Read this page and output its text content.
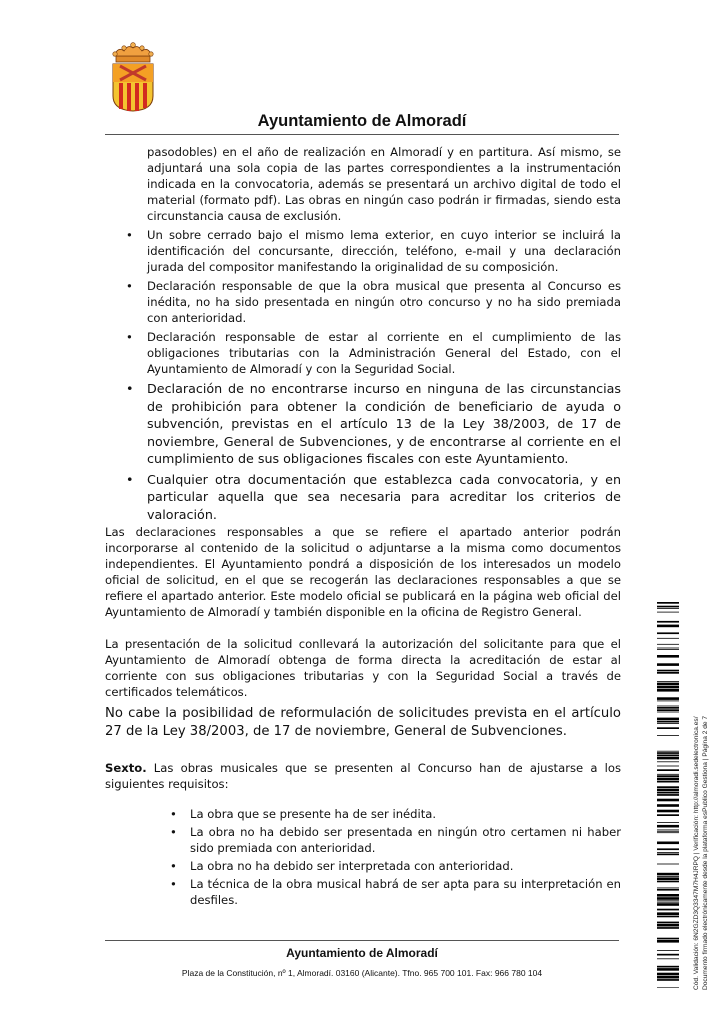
Ayuntamiento de Almoradí
pasodobles) en el año de realización en Almoradí y en partitura. Así mismo, se adjuntará una sola copia de las partes correspondientes a la instrumentación indicada en la convocatoria, además se presentará un archivo digital de todo el material (formato pdf). Las obras en ningún caso podrán ir firmadas, siendo esta circunstancia causa de exclusión.
• Un sobre cerrado bajo el mismo lema exterior, en cuyo interior se incluirá la identificación del concursante, dirección, teléfono, e-mail y una declaración jurada del compositor manifestando la originalidad de su composición.
• Declaración responsable de que la obra musical que presenta al Concurso es inédita, no ha sido presentada en ningún otro concurso y no ha sido premiada con anterioridad.
• Declaración responsable de estar al corriente en el cumplimiento de las obligaciones tributarias con la Administración General del Estado, con el Ayuntamiento de Almoradí y con la Seguridad Social.
• Declaración de no encontrarse incurso en ninguna de las circunstancias de prohibición para obtener la condición de beneficiario de ayuda o subvención, previstas en el artículo 13 de la Ley 38/2003, de 17 de noviembre, General de Subvenciones, y de encontrarse al corriente en el cumplimiento de sus obligaciones fiscales con este Ayuntamiento.
• Cualquier otra documentación que establezca cada convocatoria, y en particular aquella que sea necesaria para acreditar los criterios de valoración.
Las declaraciones responsables a que se refiere el apartado anterior podrán incorporarse al contenido de la solicitud o adjuntarse a la misma como documentos independientes. El Ayuntamiento pondrá a disposición de los interesados un modelo oficial de solicitud, en el que se recogerán las declaraciones responsables a que se refiere el apartado anterior. Este modelo oficial se publicará en la página web oficial del Ayuntamiento de Almoradí y también disponible en la oficina de Registro General.
La presentación de la solicitud conllevará la autorización del solicitante para que el Ayuntamiento de Almoradí obtenga de forma directa la acreditación de estar al corriente con sus obligaciones tributarias y con la Seguridad Social a través de certificados telemáticos.
No cabe la posibilidad de reformulación de solicitudes prevista en el artículo 27 de la Ley 38/2003, de 17 de noviembre, General de Subvenciones.
Sexto. Las obras musicales que se presenten al Concurso han de ajustarse a los siguientes requisitos:
• La obra que se presente ha de ser inédita.
• La obra no ha debido ser presentada en ningún otro certamen ni haber sido premiada con anterioridad.
• La obra no ha debido ser interpretada con anterioridad.
• La técnica de la obra musical habrá de ser apta para su interpretación en desfiles.
Ayuntamiento de Almoradí
Plaza de la Constitución, nº 1, Almoradí. 03160 (Alicante). Tfno. 965 700 101. Fax: 966 780 104	Cód. Validación: 6N2GZD3Q3347M7H4JRPQ | Verificación: http://almoradi.sedelectronica.es/ Documento firmado electrónicamente desde la plataforma esPublico Gestiona | Página 2 de 7
